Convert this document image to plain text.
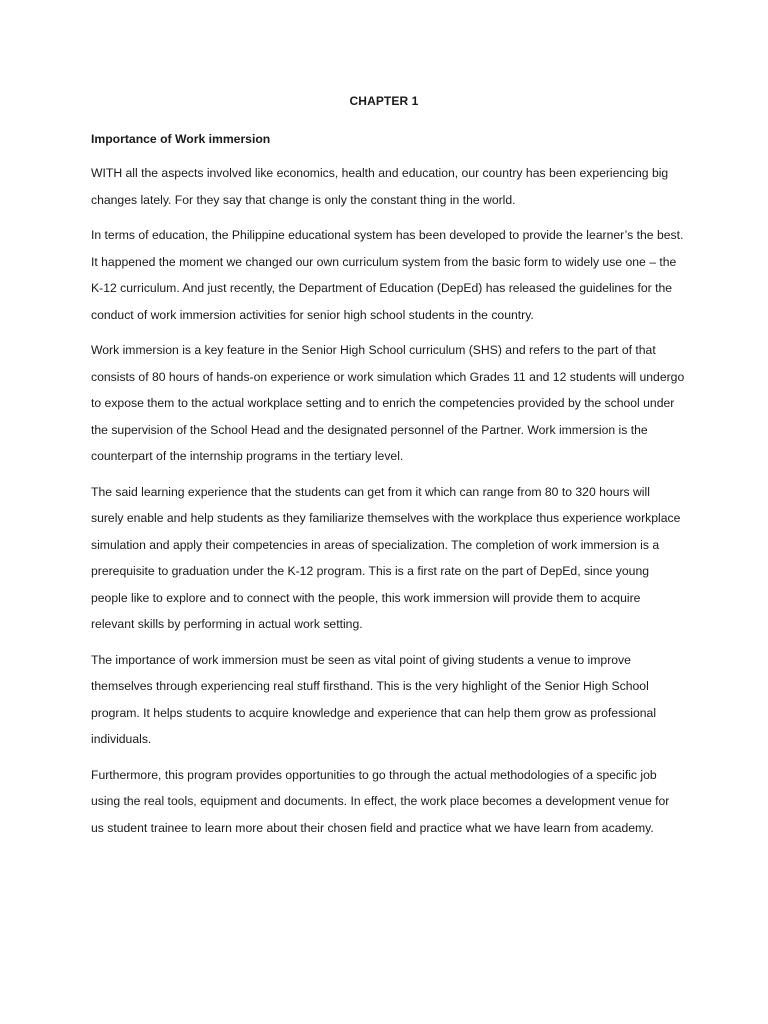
CHAPTER 1

Importance of Work immersion

WITH all the aspects involved like economics, health and education, our country has been experiencing big changes lately. For they say that change is only the constant thing in the world.

In terms of education, the Philippine educational system has been developed to provide the learner’s the best. It happened the moment we changed our own curriculum system from the basic form to widely use one – the K-12 curriculum. And just recently, the Department of Education (DepEd) has released the guidelines for the conduct of work immersion activities for senior high school students in the country.

Work immersion is a key feature in the Senior High School curriculum (SHS) and refers to the part of that consists of 80 hours of hands-on experience or work simulation which Grades 11 and 12 students will undergo to expose them to the actual workplace setting and to enrich the competencies provided by the school under the supervision of the School Head and the designated personnel of the Partner. Work immersion is the counterpart of the internship programs in the tertiary level.

The said learning experience that the students can get from it which can range from 80 to 320 hours will surely enable and help students as they familiarize themselves with the workplace thus experience workplace simulation and apply their competencies in areas of specialization. The completion of work immersion is a prerequisite to graduation under the K-12 program. This is a first rate on the part of DepEd, since young people like to explore and to connect with the people, this work immersion will provide them to acquire relevant skills by performing in actual work setting.

The importance of work immersion must be seen as vital point of giving students a venue to improve themselves through experiencing real stuff firsthand. This is the very highlight of the Senior High School program. It helps students to acquire knowledge and experience that can help them grow as professional individuals.

Furthermore, this program provides opportunities to go through the actual methodologies of a specific job using the real tools, equipment and documents. In effect, the work place becomes a development venue for us student trainee to learn more about their chosen field and practice what we have learn from academy.
